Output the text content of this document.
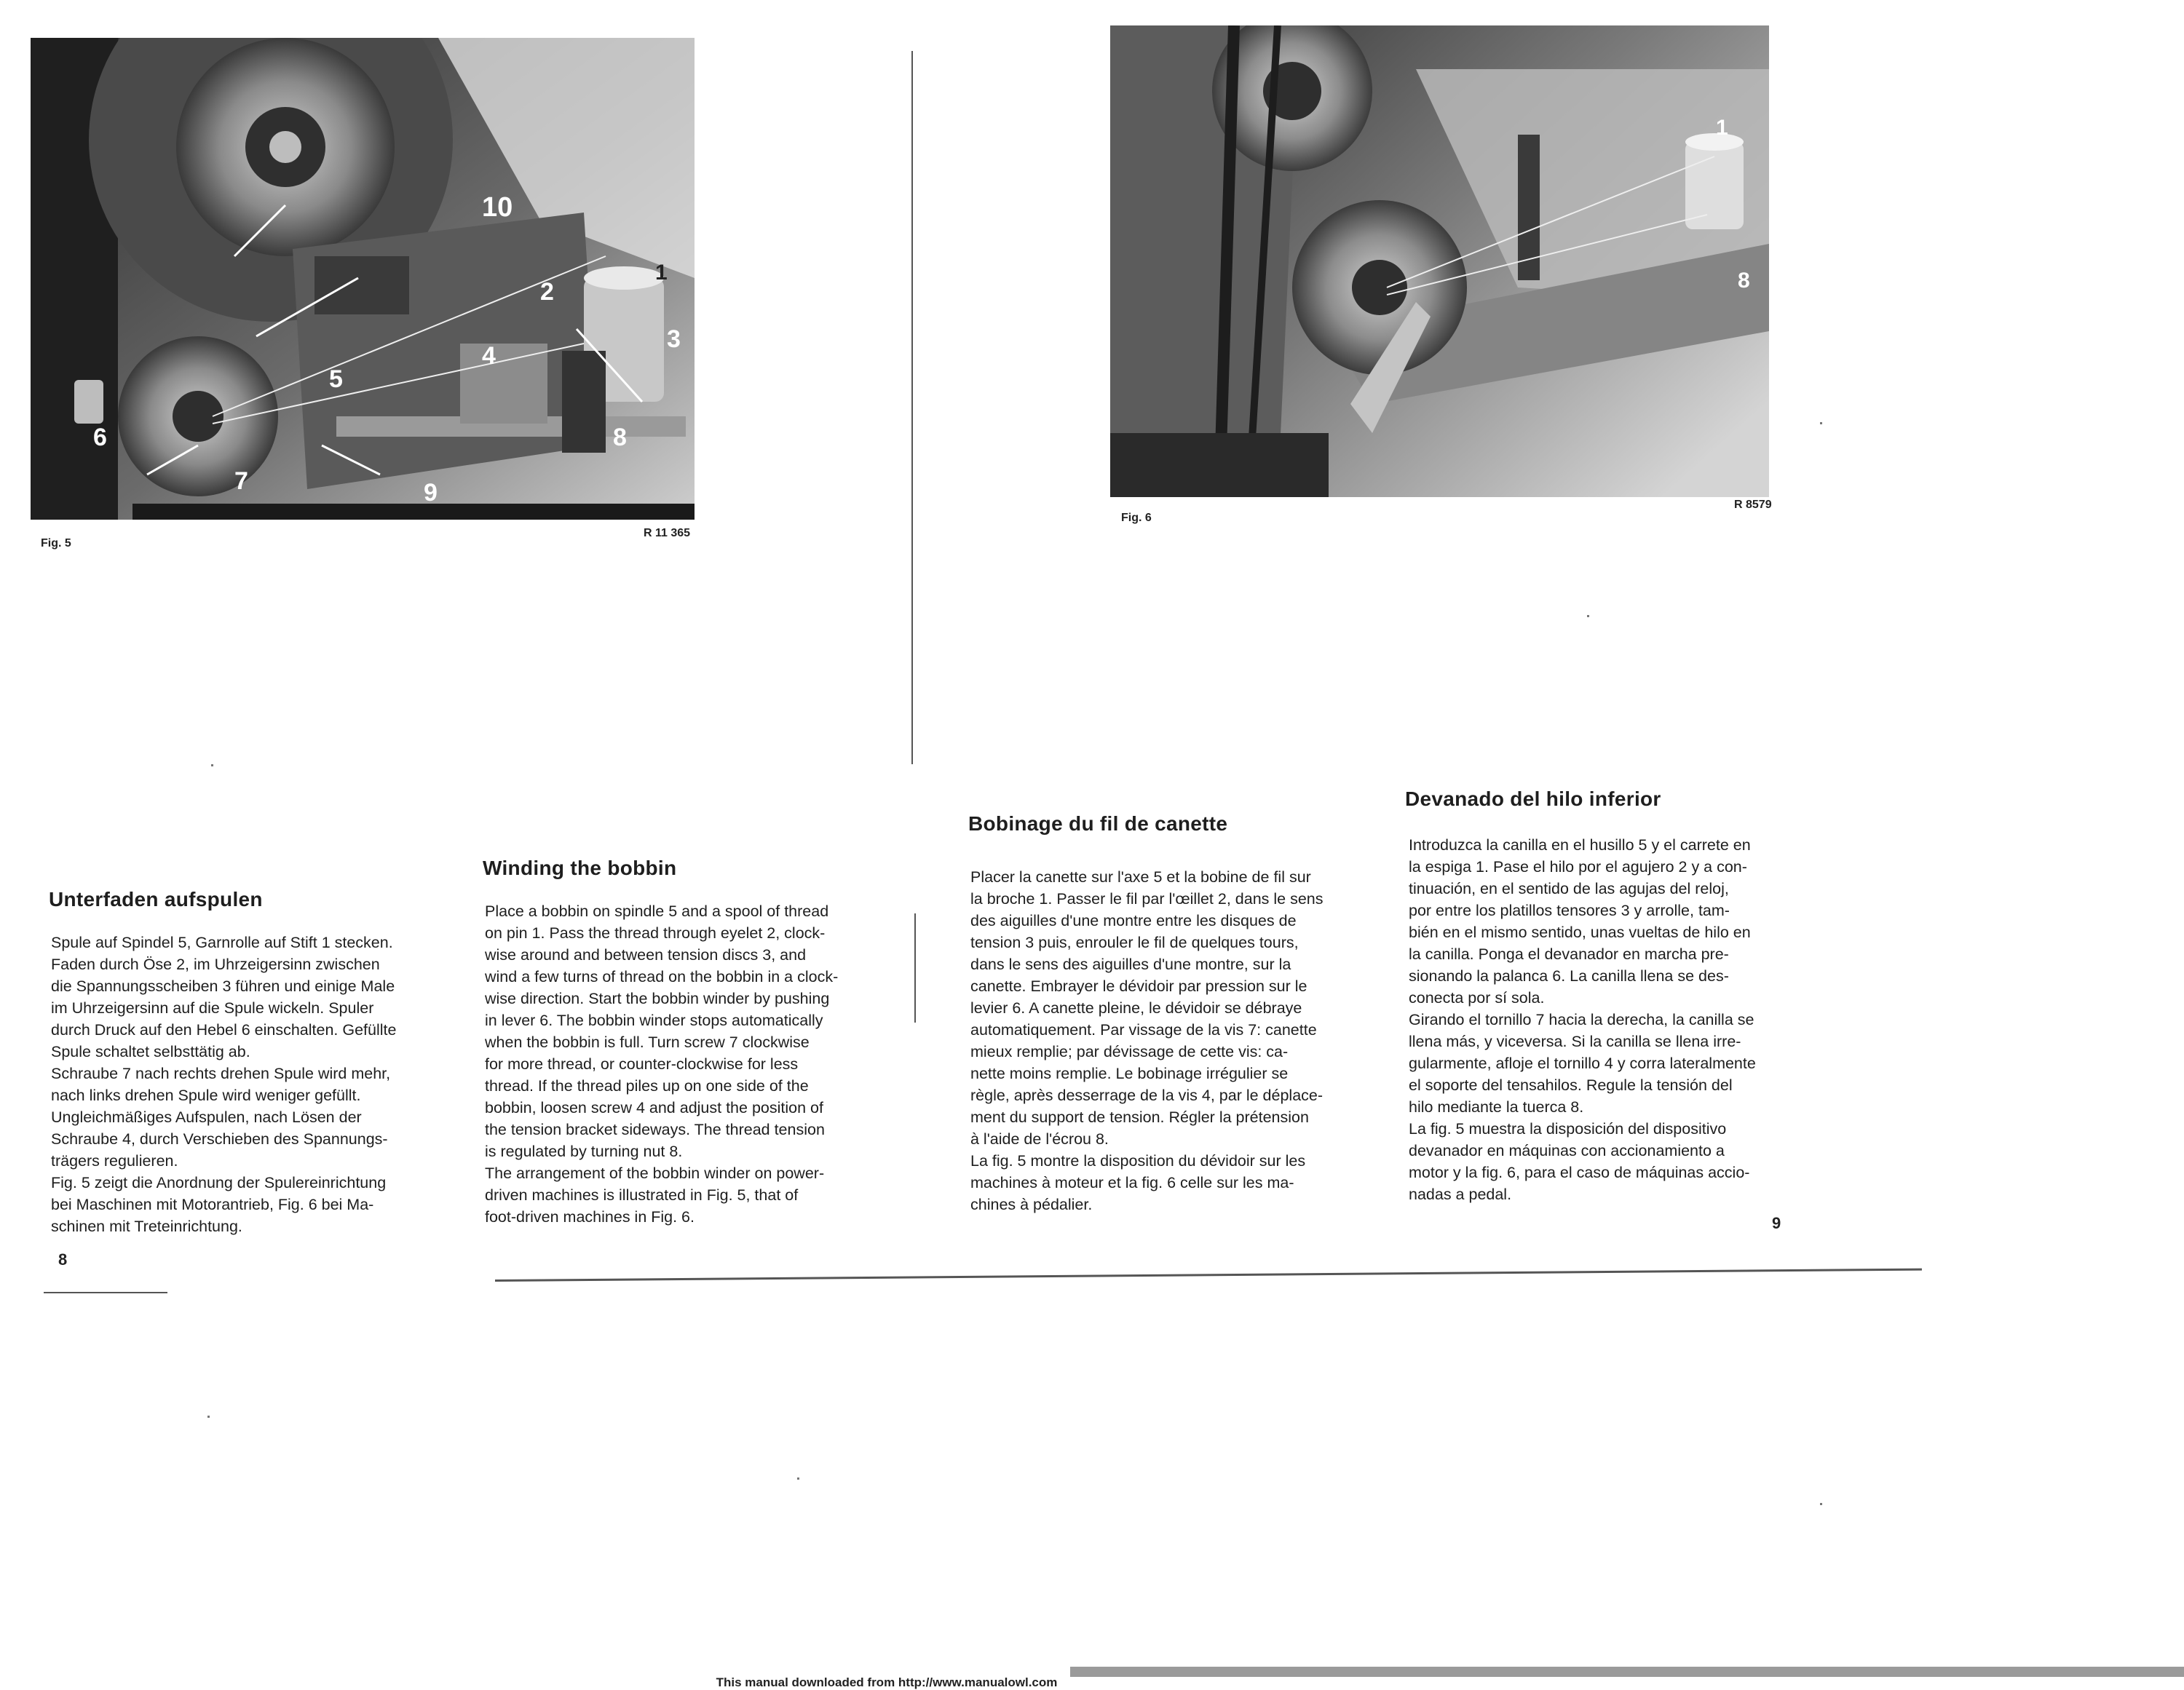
10
2
3
4
5
6
7
8
9
1
Fig. 5
R 11 365
1
8
Fig. 6
R 8579
Unterfaden aufspulen

Spule auf Spindel 5, Garnrolle auf Stift 1 stecken.

Faden durch Öse 2, im Uhrzeigersinn zwischen

die Spannungsscheiben 3 führen und einige Male

im Uhrzeigersinn auf die Spule wickeln. Spuler

durch Druck auf den Hebel 6 einschalten. Gefüllte

Spule schaltet selbsttätig ab.

Schraube 7 nach rechts drehen Spule wird mehr,

nach links drehen Spule wird weniger gefüllt.

Ungleichmäßiges Aufspulen, nach Lösen der

Schraube 4, durch Verschieben des Spannungs-

trägers regulieren.

Fig. 5 zeigt die Anordnung der Spulereinrichtung

bei Maschinen mit Motorantrieb, Fig. 6 bei Ma-

schinen mit Treteinrichtung.

8
Winding the bobbin

Place a bobbin on spindle 5 and a spool of thread

on pin 1. Pass the thread through eyelet 2, clock-

wise around and between tension discs 3, and

wind a few turns of thread on the bobbin in a clock-

wise direction. Start the bobbin winder by pushing

in lever 6. The bobbin winder stops automatically

when the bobbin is full. Turn screw 7 clockwise

for more thread, or counter-clockwise for less

thread. If the thread piles up on one side of the

bobbin, loosen screw 4 and adjust the position of

the tension bracket sideways. The thread tension

is regulated by turning nut 8.

The arrangement of the bobbin winder on power-

driven machines is illustrated in Fig. 5, that of

foot-driven machines in Fig. 6.

Bobinage du fil de canette

Placer la canette sur l'axe 5 et la bobine de fil sur

la broche 1. Passer le fil par l'œillet 2, dans le sens

des aiguilles d'une montre entre les disques de

tension 3 puis, enrouler le fil de quelques tours,

dans le sens des aiguilles d'une montre, sur la

canette. Embrayer le dévidoir par pression sur le

levier 6. A canette pleine, le dévidoir se débraye

automatiquement. Par vissage de la vis 7: canette

mieux remplie; par dévissage de cette vis: ca-

nette moins remplie. Le bobinage irrégulier se

règle, après desserrage de la vis 4, par le déplace-

ment du support de tension. Régler la prétension

à l'aide de l'écrou 8.

La fig. 5 montre la disposition du dévidoir sur les

machines à moteur et la fig. 6 celle sur les ma-

chines à pédalier.

Devanado del hilo inferior

Introduzca la canilla en el husillo 5 y el carrete en

la espiga 1. Pase el hilo por el agujero 2 y a con-

tinuación, en el sentido de las agujas del reloj,

por entre los platillos tensores 3 y arrolle, tam-

bién en el mismo sentido, unas vueltas de hilo en

la canilla. Ponga el devanador en marcha pre-

sionando la palanca 6. La canilla llena se des-

conecta por sí sola.

Girando el tornillo 7 hacia la derecha, la canilla se

llena más, y viceversa. Si la canilla se llena irre-

gularmente, afloje el tornillo 4 y corra lateralmente

el soporte del tensahilos. Regule la tensión del

hilo mediante la tuerca 8.

La fig. 5 muestra la disposición del dispositivo

devanador en máquinas con accionamiento a

motor y la fig. 6, para el caso de máquinas accio-

nadas a pedal.

9
This manual downloaded from http://www.manualowl.com
